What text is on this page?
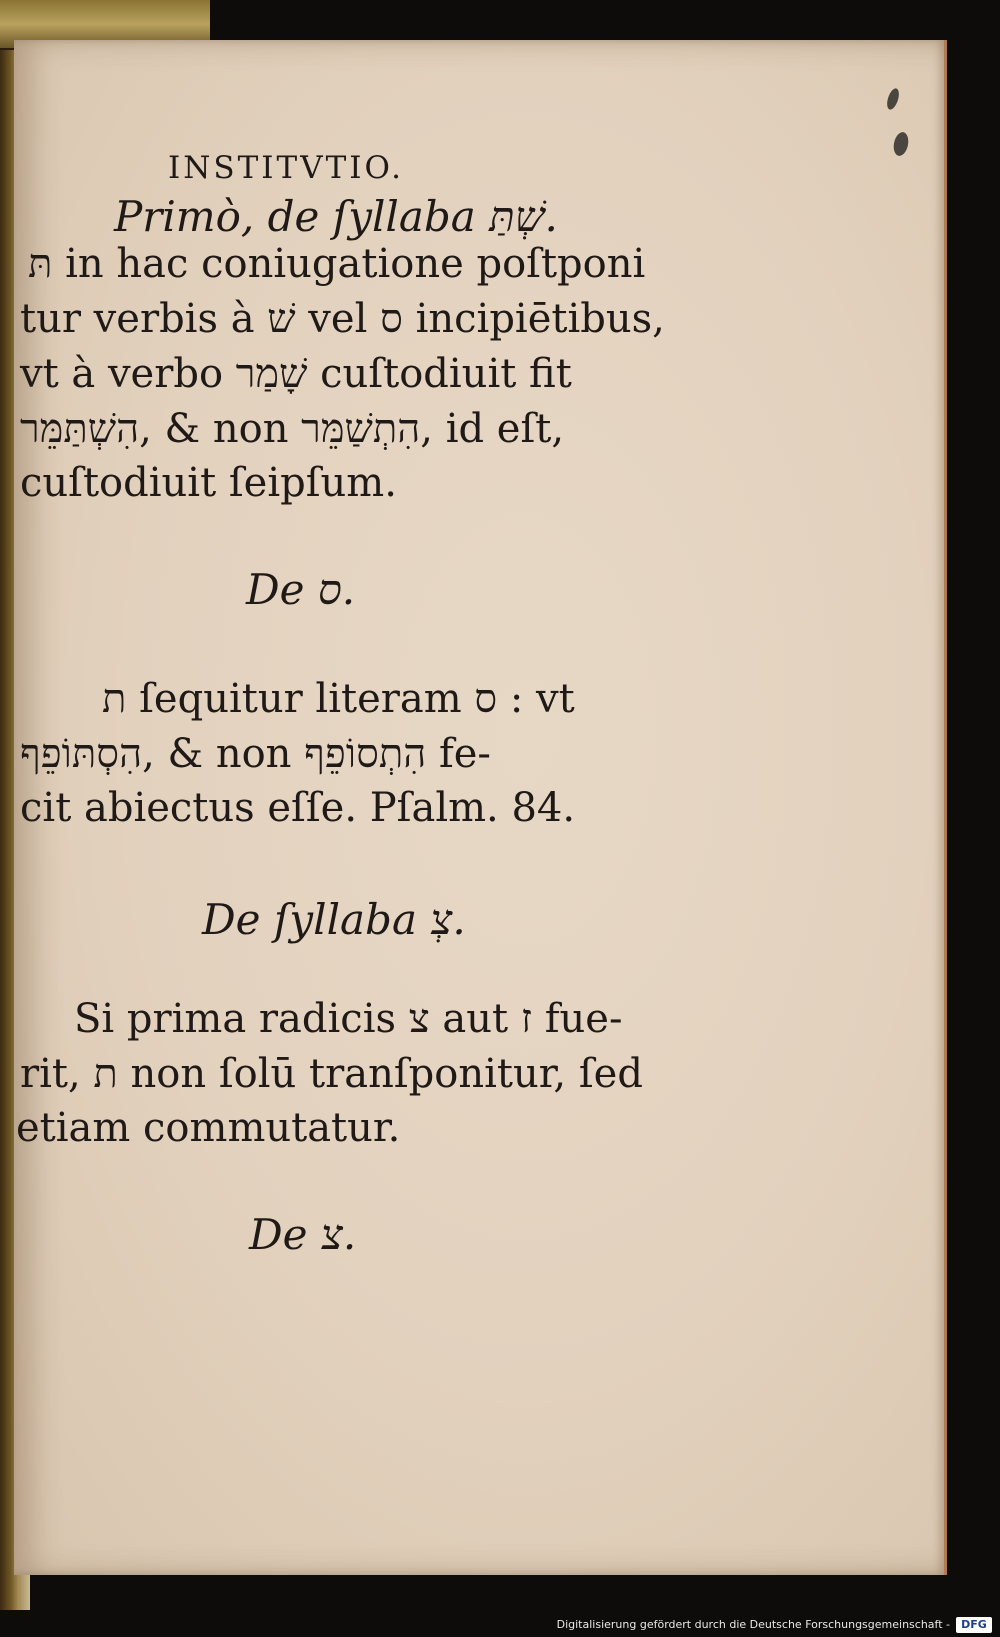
INSTITVTIO.

Primò, de ſyllaba שְׁתַּ.

תּ in hac coniugatione poſtponi

tur verbis à שׁ vel ס incipiētibus,

vt à verbo שָׁמַר cuſtodiuit fit

הִשְׁתַּמֵּר, & non הִתְשַׁמֵּר, id eſt,

cuſtodiuit ſeipſum.

De ס.

ת ſequitur literam ס : vt

הִסְתּוֹפֵף, & non הִתְסוֹפֵף fe-

cit abiectus eſſe. Pſalm. 84.

De ſyllaba צְ.

Si prima radicis צ aut ז fue-

rit, ת non ſolū tranſponitur, ſed

etiam commutatur.

De צ.

Digitalisierung gefördert durch die Deutsche Forschungsgemeinschaft -	DFG
